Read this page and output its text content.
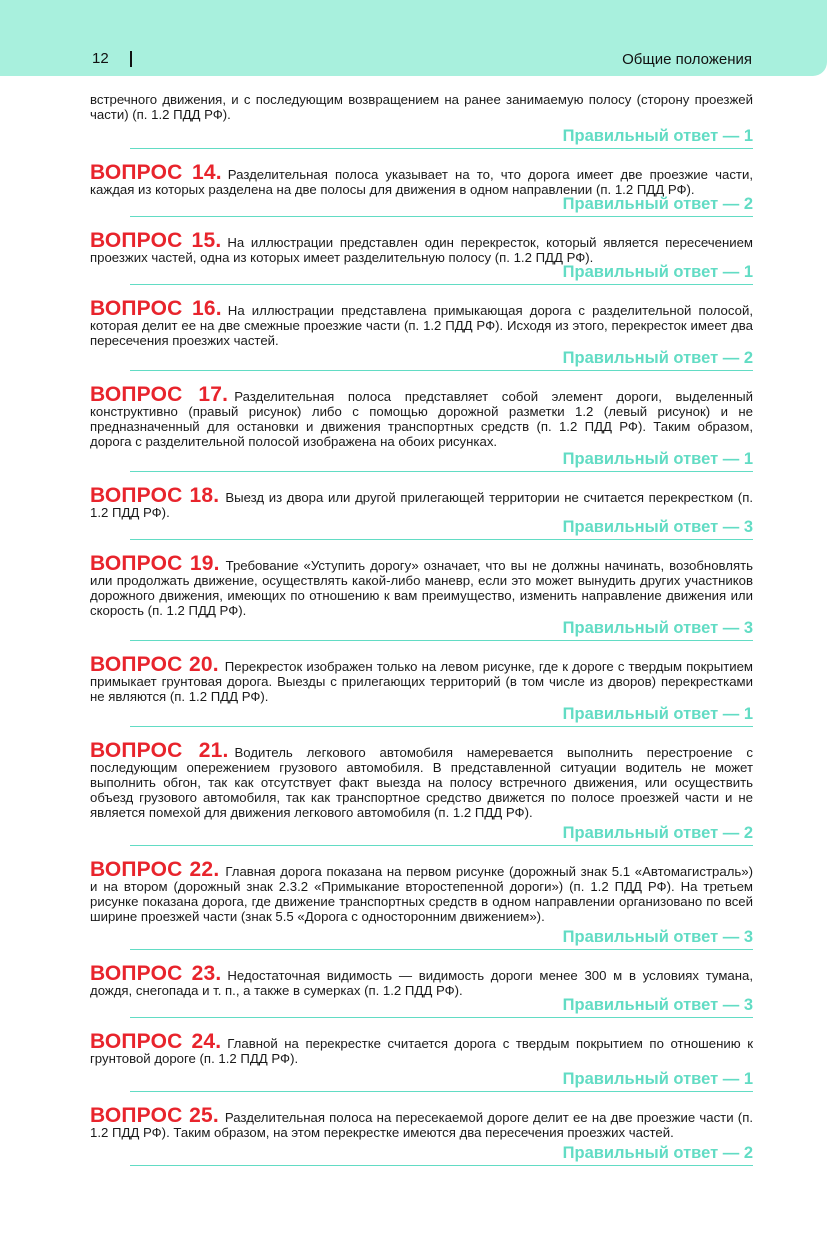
12	Общие положения

встречного движения, и с последующим возвращением на ранее занимаемую полосу (сторону проезжей части) (п. 1.2 ПДД РФ).

Правильный ответ — 1

ВОПРОС 14. Разделительная полоса указывает на то, что дорога имеет две проезжие части, каждая из которых разделена на две полосы для движения в одном направлении (п. 1.2 ПДД РФ).

Правильный ответ — 2

ВОПРОС 15. На иллюстрации представлен один перекресток, который является пересечением проезжих частей, одна из которых имеет разделительную полосу (п. 1.2 ПДД РФ).

Правильный ответ — 1

ВОПРОС 16. На иллюстрации представлена примыкающая дорога с разделительной полосой, которая делит ее на две смежные проезжие части (п. 1.2 ПДД РФ). Исходя из этого, перекресток имеет два пересечения проезжих частей.

Правильный ответ — 2

ВОПРОС 17. Разделительная полоса представляет собой элемент дороги, выделенный конструктивно (правый рисунок) либо с помощью дорожной разметки 1.2 (левый рисунок) и не предназначенный для остановки и движения транспортных средств (п. 1.2 ПДД РФ). Таким образом, дорога с разделительной полосой изображена на обоих рисунках.

Правильный ответ — 1

ВОПРОС 18. Выезд из двора или другой прилегающей территории не считается перекрестком (п. 1.2 ПДД РФ).

Правильный ответ — 3

ВОПРОС 19. Требование «Уступить дорогу» означает, что вы не должны начинать, возобновлять или продолжать движение, осуществлять какой-либо маневр, если это может вынудить других участников дорожного движения, имеющих по отношению к вам преимущество, изменить направление движения или скорость (п. 1.2 ПДД РФ).

Правильный ответ — 3

ВОПРОС 20. Перекресток изображен только на левом рисунке, где к дороге с твердым покрытием примыкает грунтовая дорога. Выезды с прилегающих территорий (в том числе из дворов) перекрестками не являются (п. 1.2 ПДД РФ).

Правильный ответ — 1

ВОПРОС 21. Водитель легкового автомобиля намеревается выполнить перестроение с последующим опережением грузового автомобиля. В представленной ситуации водитель не может выполнить обгон, так как отсутствует факт выезда на полосу встречного движения, или осуществить объезд грузового автомобиля, так как транспортное средство движется по полосе проезжей части и не является помехой для движения легкового автомобиля (п. 1.2 ПДД РФ).

Правильный ответ — 2

ВОПРОС 22. Главная дорога показана на первом рисунке (дорожный знак 5.1 «Автомагистраль») и на втором (дорожный знак 2.3.2 «Примыкание второстепенной дороги») (п. 1.2 ПДД РФ). На третьем рисунке показана дорога, где движение транспортных средств в одном направлении организовано по всей ширине проезжей части (знак 5.5 «Дорога с односторонним движением»).

Правильный ответ — 3

ВОПРОС 23. Недостаточная видимость — видимость дороги менее 300 м в условиях тумана, дождя, снегопада и т. п., а также в сумерках (п. 1.2 ПДД РФ).

Правильный ответ — 3

ВОПРОС 24. Главной на перекрестке считается дорога с твердым покрытием по отношению к грунтовой дороге (п. 1.2 ПДД РФ).

Правильный ответ — 1

ВОПРОС 25. Разделительная полоса на пересекаемой дороге делит ее на две проезжие части (п. 1.2 ПДД РФ). Таким образом, на этом перекрестке имеются два пересечения проезжих частей.

Правильный ответ — 2
